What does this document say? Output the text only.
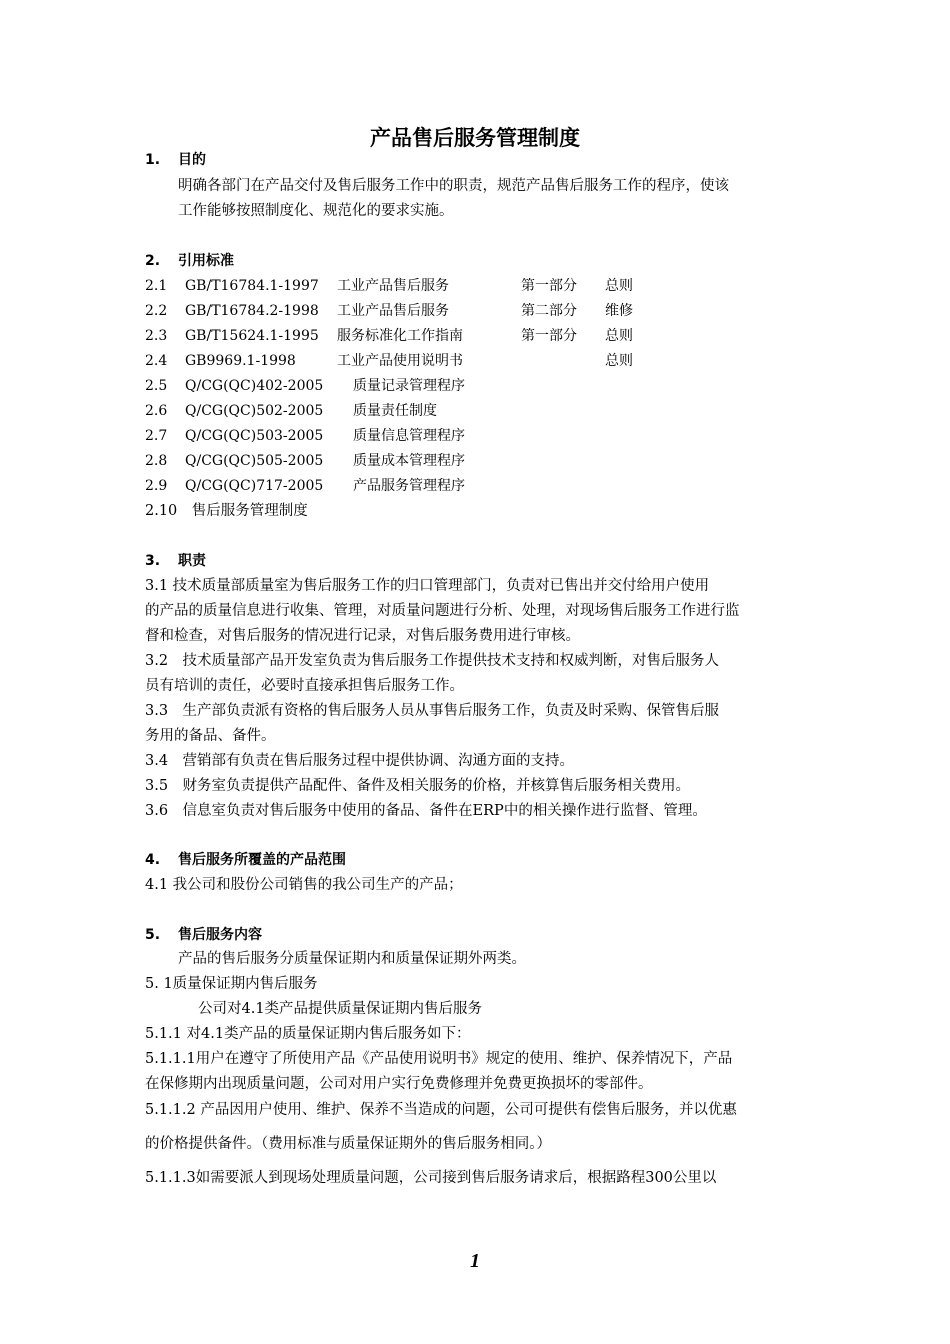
产品售后服务管理制度
1. 目的
明确各部门在产品交付及售后服务工作中的职责，规范产品售后服务工作的程序，使该
工作能够按照制度化、规范化的要求实施。
2. 引用标准
2.1 GB/T16784.1-1997 工业产品售后服务	第一部分 总则
2.2 GB/T16784.2-1998 工业产品售后服务	第二部分 维修
2.3 GB/T15624.1-1995 服务标准化工作指南	第一部分 总则
2.4 GB9969.1-1998	工业产品使用说明书	总则
2.5 Q/CG(QC)402-2005 质量记录管理程序
2.6 Q/CG(QC)502-2005 质量责任制度
2.7 Q/CG(QC)503-2005 质量信息管理程序
2.8 Q/CG(QC)505-2005 质量成本管理程序
2.9 Q/CG(QC)717-2005 产品服务管理程序
2.10　售后服务管理制度
3. 职责
3.1 技术质量部质量室为售后服务工作的归口管理部门，负责对已售出并交付给用户使用
的产品的质量信息进行收集、管理，对质量问题进行分析、处理，对现场售后服务工作进行监
督和检查，对售后服务的情况进行记录，对售后服务费用进行审核。
3.2　技术质量部产品开发室负责为售后服务工作提供技术支持和权威判断，对售后服务人
员有培训的责任，必要时直接承担售后服务工作。
3.3　生产部负责派有资格的售后服务人员从事售后服务工作，负责及时采购、保管售后服
务用的备品、备件。
3.4　营销部有负责在售后服务过程中提供协调、沟通方面的支持。
3.5　财务室负责提供产品配件、备件及相关服务的价格，并核算售后服务相关费用。
3.6　信息室负责对售后服务中使用的备品、备件在ERP中的相关操作进行监督、管理。
4. 售后服务所覆盖的产品范围
4.1 我公司和股份公司销售的我公司生产的产品；
5. 售后服务内容
产品的售后服务分质量保证期内和质量保证期外两类。
5. 1质量保证期内售后服务
公司对4.1类产品提供质量保证期内售后服务
5.1.1 对4.1类产品的质量保证期内售后服务如下：
5.1.1.1用户在遵守了所使用产品《产品使用说明书》规定的使用、维护、保养情况下，产品
在保修期内出现质量问题，公司对用户实行免费修理并免费更换损坏的零部件。
5.1.1.2 产品因用户使用、维护、保养不当造成的问题，公司可提供有偿售后服务，并以优惠
的价格提供备件。（费用标准与质量保证期外的售后服务相同。）
5.1.1.3如需要派人到现场处理质量问题，公司接到售后服务请求后，根据路程300公里以
1
